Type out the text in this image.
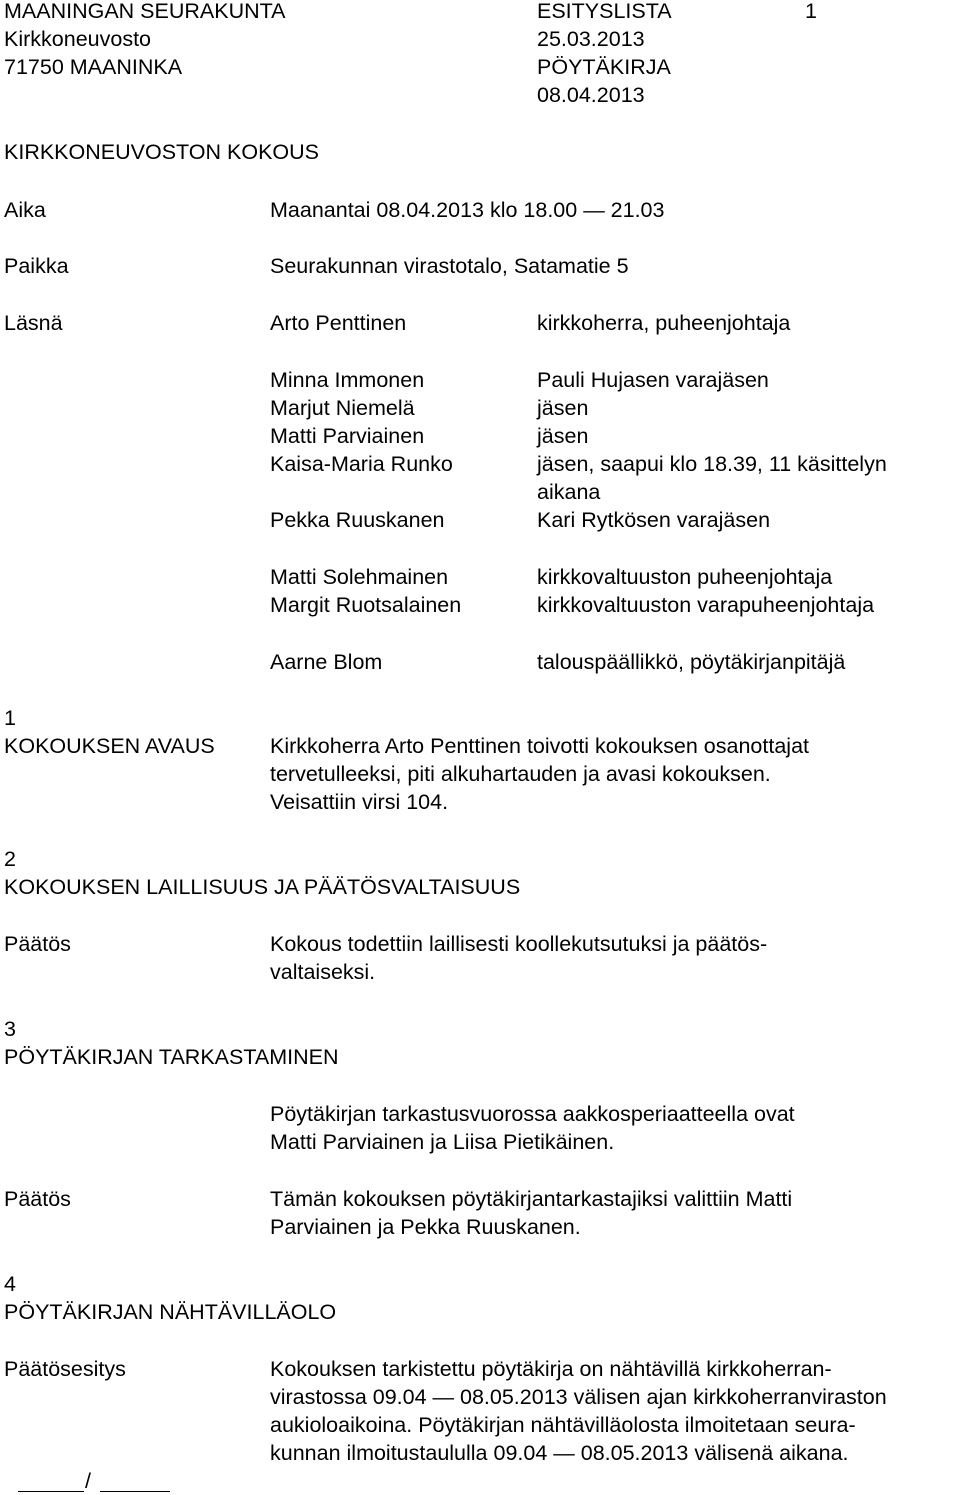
MAANINGAN SEURAKUNTA
Kirkkoneuvosto
71750 MAANINKA
ESITYSLISTA
25.03.2013
PÖYTÄKIRJA
08.04.2013
1
KIRKKONEUVOSTON KOKOUS
Aika	Maanantai 08.04.2013 klo 18.00 — 21.03
Paikka	Seurakunnan virastotalo, Satamatie 5
Läsnä	Arto Penttinen	kirkkoherra, puheenjohtaja
Minna Immonen	Pauli Hujasen varajäsen
Marjut Niemelä	jäsen
Matti Parviainen	jäsen
Kaisa-Maria Runko	jäsen, saapui klo 18.39, 11 käsittelyn
aikana
Pekka Ruuskanen	Kari Rytkösen varajäsen
Matti Solehmainen	kirkkovaltuuston puheenjohtaja
Margit Ruotsalainen	kirkkovaltuuston varapuheenjohtaja
Aarne Blom	talouspäällikkö, pöytäkirjanpitäjä
1
KOKOUKSEN AVAUS	Kirkkoherra Arto Penttinen toivotti kokouksen osanottajat
tervetulleeksi, piti alkuhartauden ja avasi kokouksen.
Veisattiin virsi 104.
2
KOKOUKSEN LAILLISUUS JA PÄÄTÖSVALTAISUUS
Päätös	Kokous todettiin laillisesti koollekutsutuksi ja päätös-
valtaiseksi.
3
PÖYTÄKIRJAN TARKASTAMINEN
Pöytäkirjan tarkastusvuorossa aakkosperiaatteella ovat
Matti Parviainen ja Liisa Pietikäinen.
Päätös	Tämän kokouksen pöytäkirjantarkastajiksi valittiin Matti
Parviainen ja Pekka Ruuskanen.
4
PÖYTÄKIRJAN NÄHTÄVILLÄOLO
Päätösesitys	Kokouksen tarkistettu pöytäkirja on nähtävillä kirkkoherran-
virastossa 09.04 — 08.05.2013 välisen ajan kirkkoherranviraston
aukioloaikoina. Pöytäkirjan nähtävilläolosta ilmoitetaan seura-
kunnan ilmoitustaululla 09.04 — 08.05.2013 välisenä aikana.
/
